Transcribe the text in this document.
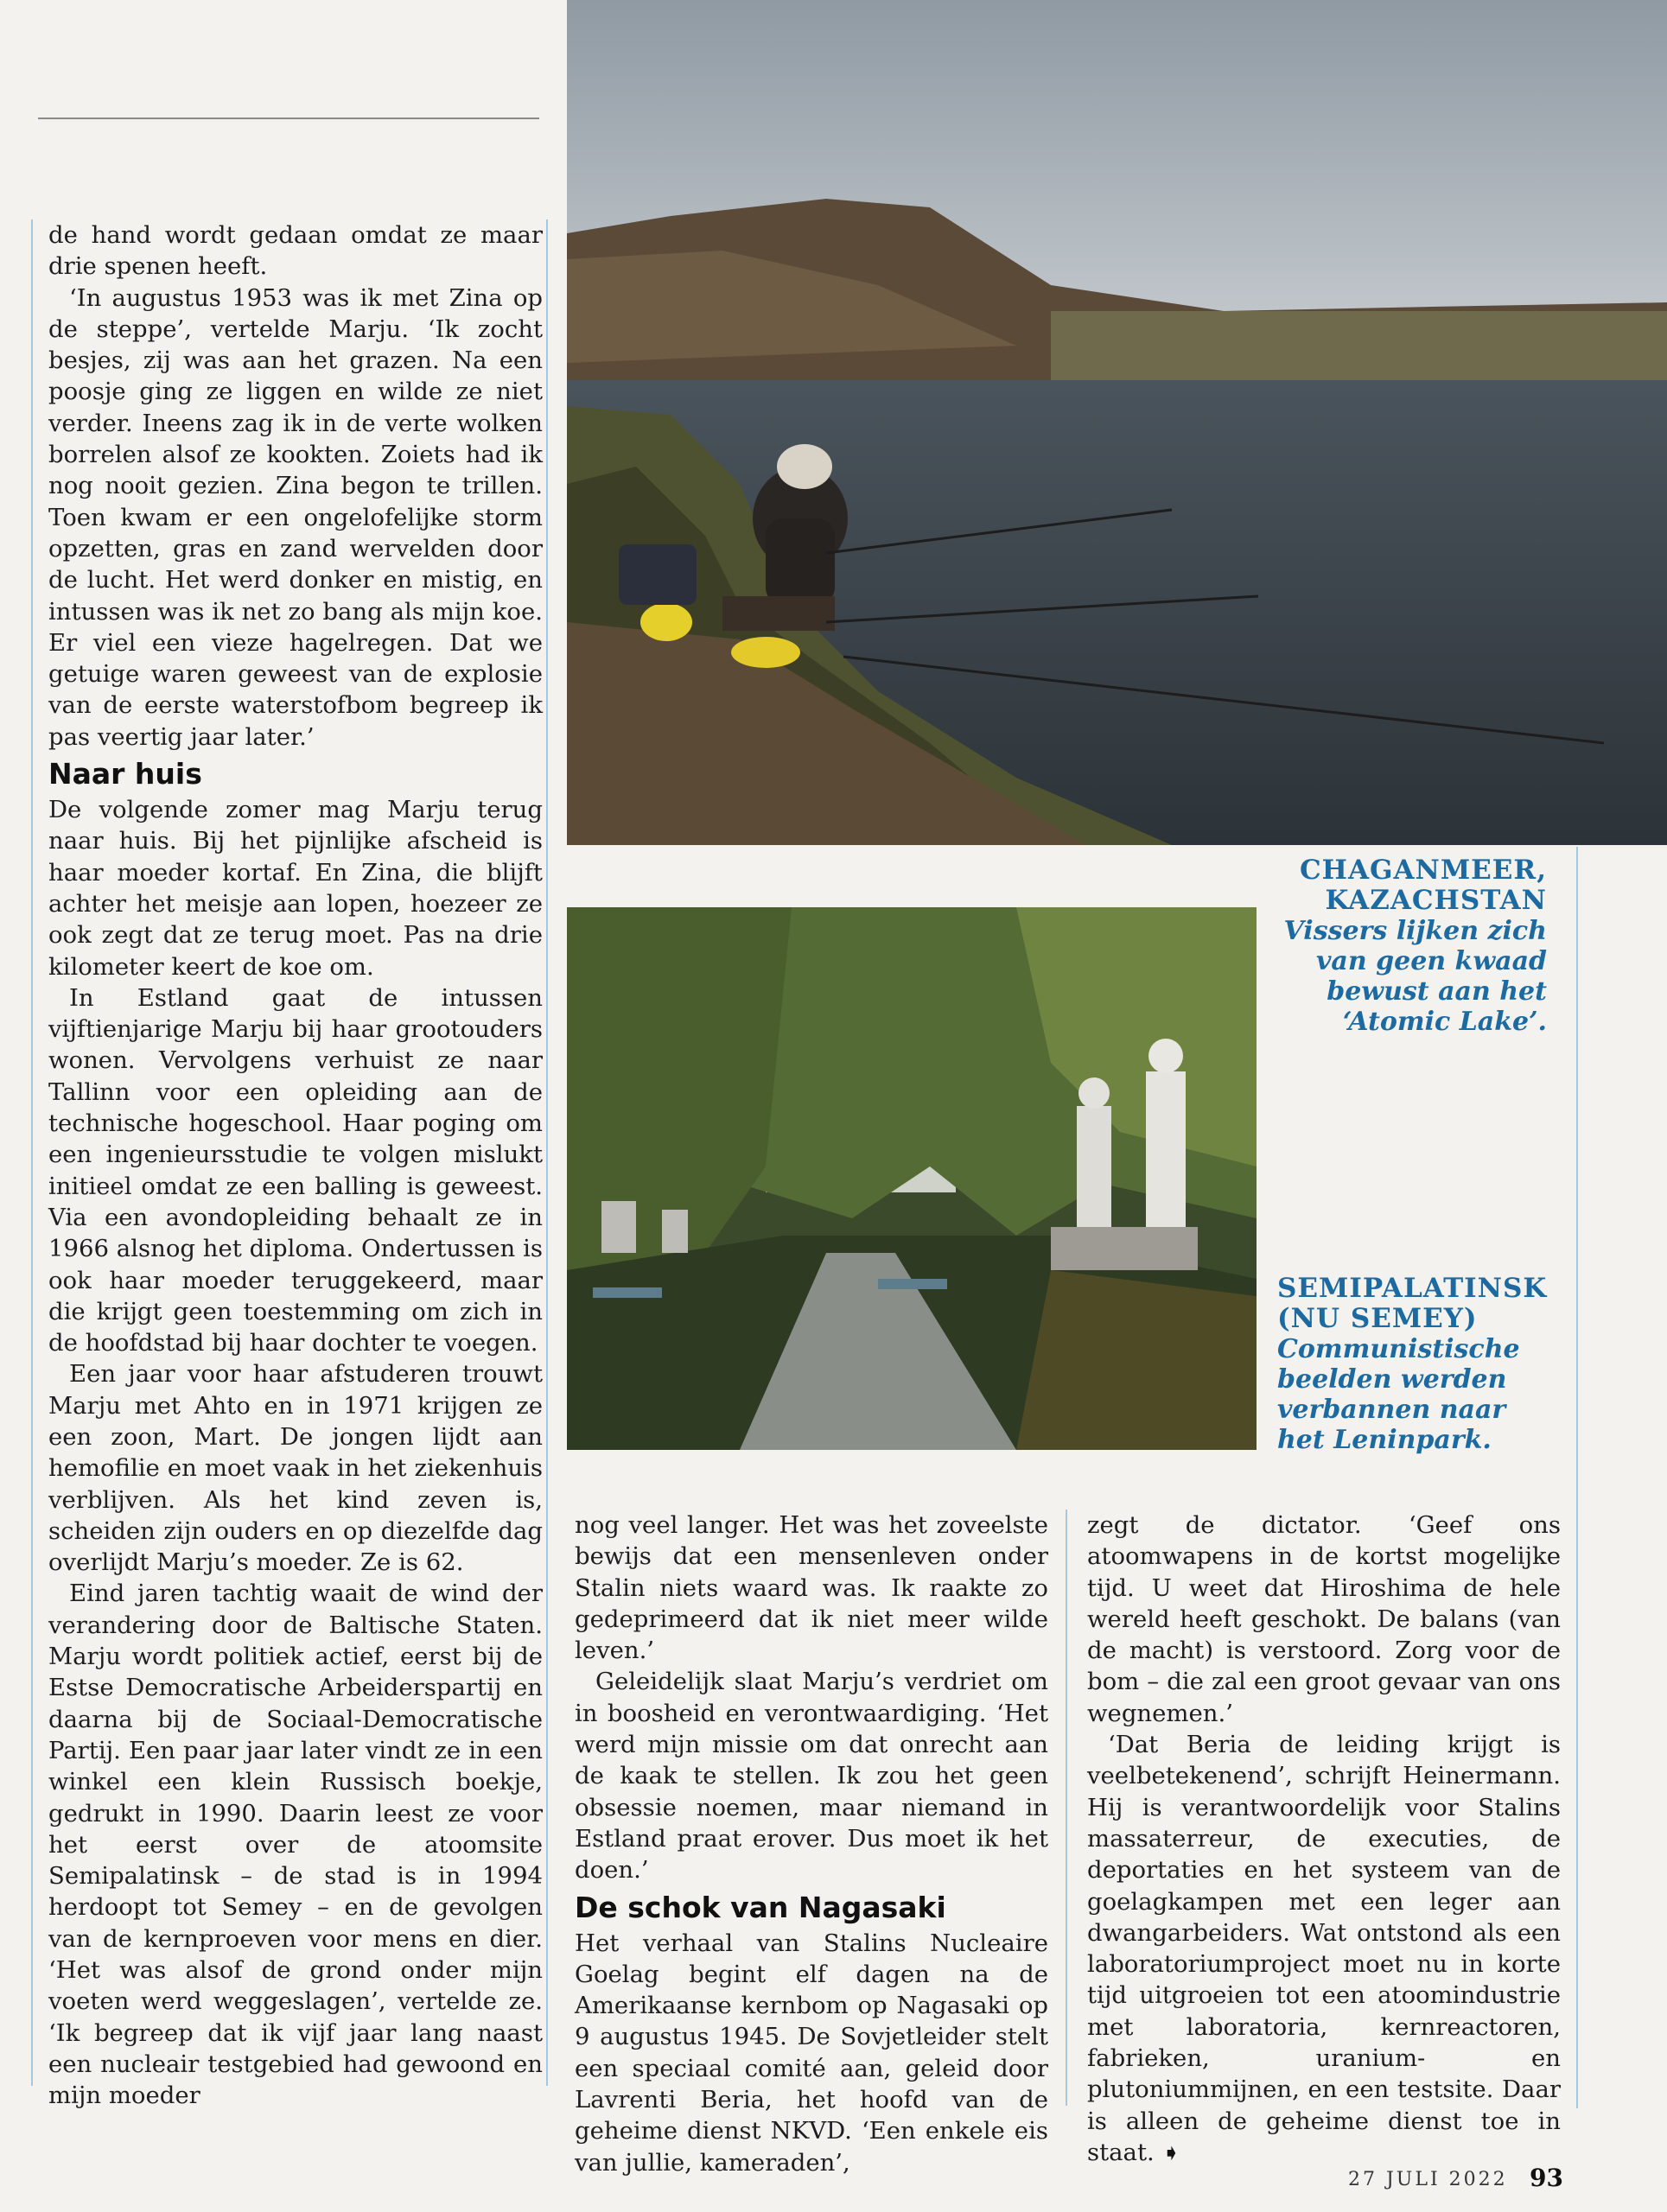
de hand wordt gedaan omdat ze maar drie spenen heeft.

‘In augustus 1953 was ik met Zina op de steppe’, vertelde Marju. ‘Ik zocht besjes, zij was aan het grazen. Na een poosje ging ze liggen en wilde ze niet verder. Ineens zag ik in de verte wolken borrelen alsof ze kookten. Zoiets had ik nog nooit gezien. Zina begon te trillen. Toen kwam er een ongelofelijke storm opzetten, gras en zand wervelden door de lucht. Het werd donker en mistig, en intussen was ik net zo bang als mijn koe. Er viel een vieze hagelregen. Dat we getuige waren geweest van de explosie van de eerste waterstofbom begreep ik pas veertig jaar later.’

Naar huis

De volgende zomer mag Marju terug naar huis. Bij het pijnlijke afscheid is haar moeder kortaf. En Zina, die blijft achter het meisje aan lopen, hoezeer ze ook zegt dat ze terug moet. Pas na drie kilometer keert de koe om.

In Estland gaat de intussen vijftienjarige Marju bij haar grootouders wonen. Vervolgens verhuist ze naar Tallinn voor een opleiding aan de technische hogeschool. Haar poging om een ingenieursstudie te volgen mislukt initieel omdat ze een balling is geweest. Via een avondopleiding behaalt ze in 1966 alsnog het diploma. Ondertussen is ook haar moeder teruggekeerd, maar die krijgt geen toestemming om zich in de hoofdstad bij haar dochter te voegen.

Een jaar voor haar afstuderen trouwt Marju met Ahto en in 1971 krijgen ze een zoon, Mart. De jongen lijdt aan hemofilie en moet vaak in het ziekenhuis verblijven. Als het kind zeven is, scheiden zijn ouders en op diezelfde dag overlijdt Marju’s moeder. Ze is 62.

Eind jaren tachtig waait de wind der verandering door de Baltische Staten. Marju wordt politiek actief, eerst bij de Estse Democratische Arbeiderspartij en daarna bij de Sociaal-Democratische Partij. Een paar jaar later vindt ze in een winkel een klein Russisch boekje, gedrukt in 1990. Daarin leest ze voor het eerst over de atoomsite Semipalatinsk – de stad is in 1994 herdoopt tot Semey – en de gevolgen van de kernproeven voor mens en dier. ‘Het was alsof de grond onder mijn voeten werd weggeslagen’, vertelde ze. ‘Ik begreep dat ik vijf jaar lang naast een nucleair testgebied had gewoond en mijn moeder

CHAGANMEER,
KAZACHSTAN
Vissers lijken zich van geen kwaad bewust aan het ‘Atomic Lake’.
SEMIPALATINSK
(NU SEMEY)
Communistische beelden werden verbannen naar het Leninpark.

nog veel langer. Het was het zoveelste bewijs dat een mensenleven onder Stalin niets waard was. Ik raakte zo gedeprimeerd dat ik niet meer wilde leven.’

Geleidelijk slaat Marju’s verdriet om in boosheid en verontwaardiging. ‘Het werd mijn missie om dat onrecht aan de kaak te stellen. Ik zou het geen obsessie noemen, maar niemand in Estland praat erover. Dus moet ik het doen.’

De schok van Nagasaki

Het verhaal van Stalins Nucleaire Goelag begint elf dagen na de Amerikaanse kernbom op Nagasaki op 9 augustus 1945. De Sovjetleider stelt een speciaal comité aan, geleid door Lavrenti Beria, het hoofd van de geheime dienst NKVD. ‘Een enkele eis van jullie, kameraden’,

zegt de dictator. ‘Geef ons atoomwapens in de kortst mogelijke tijd. U weet dat Hiroshima de hele wereld heeft geschokt. De balans (van de macht) is verstoord. Zorg voor de bom – die zal een groot gevaar van ons wegnemen.’

‘Dat Beria de leiding krijgt is veelbetekenend’, schrijft Heinermann. Hij is verantwoordelijk voor Stalins massaterreur, de executies, de deportaties en het systeem van de goelagkampen met een leger aan dwangarbeiders. Wat ontstond als een laboratoriumproject moet nu in korte tijd uitgroeien tot een atoomindustrie met laboratoria, kernreactoren, fabrieken, uranium- en plutoniummijnen, en een testsite. Daar is alleen de geheime dienst toe in staat. ➧

27 JULI 2022 93
